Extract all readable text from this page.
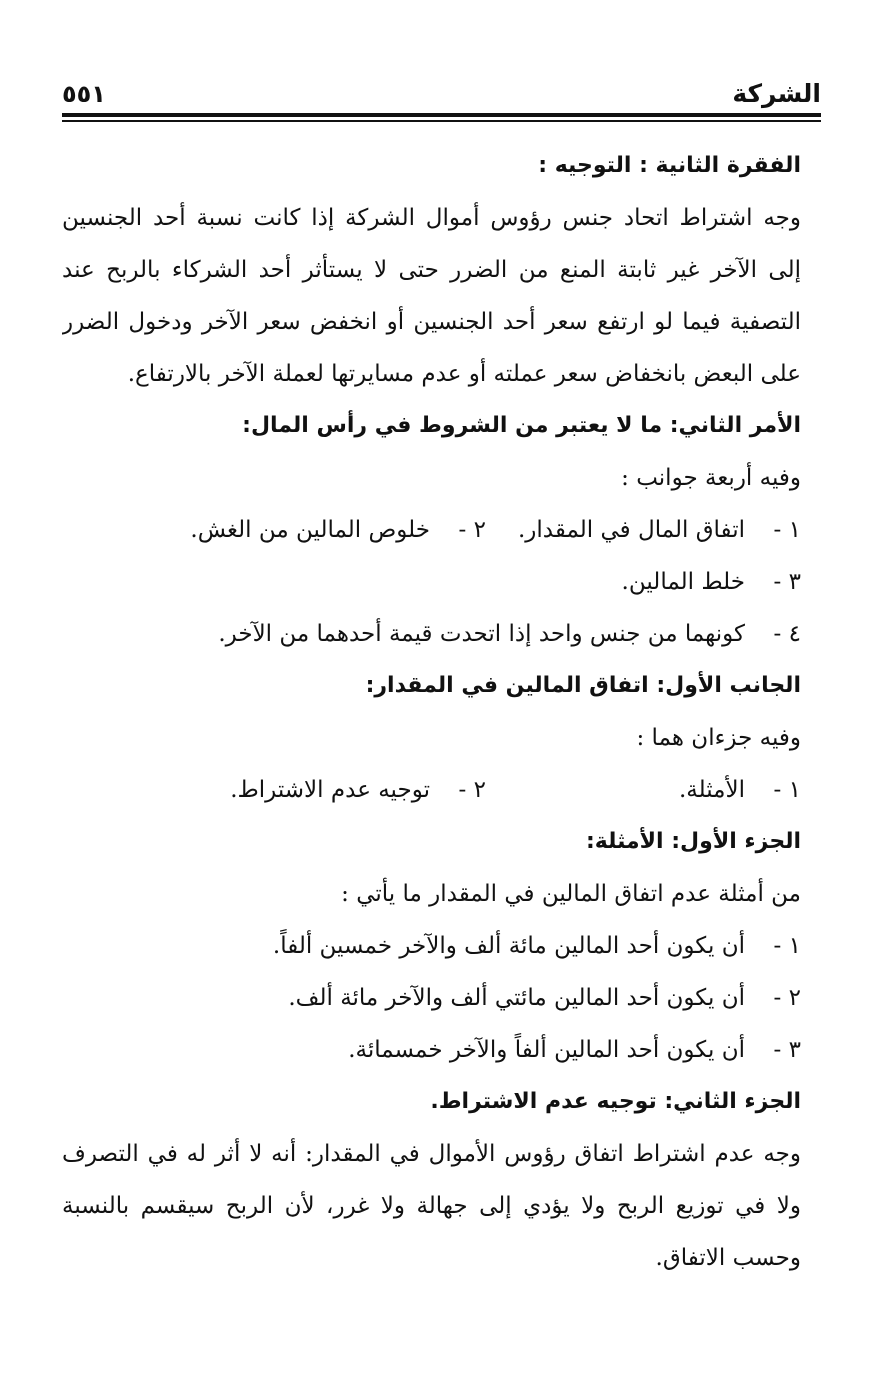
الشركة
٥٥١
الفقرة الثانية : التوجيه :
وجه اشتراط اتحاد جنس رؤوس أموال الشركة إذا كانت نسبة أحد الجنسين
إلى الآخر غير ثابتة المنع من الضرر حتى لا يستأثر أحد الشركاء بالربح عند
التصفية فيما لو ارتفع سعر أحد الجنسين أو انخفض سعر الآخر ودخول الضرر
على البعض بانخفاض سعر عملته أو عدم مسايرتها لعملة الآخر بالارتفاع.
الأمر الثاني: ما لا يعتبر من الشروط في رأس المال:
وفيه أربعة جوانب :
١ -اتفاق المال في المقدار.
٢ -خلوص المالين من الغش.
٣ -خلط المالين.
٤ -كونهما من جنس واحد إذا اتحدت قيمة أحدهما من الآخر.
الجانب الأول: اتفاق المالين في المقدار:
وفيه جزءان هما :
١ -الأمثلة.
٢ -توجيه عدم الاشتراط.
الجزء الأول: الأمثلة:
من أمثلة عدم اتفاق المالين في المقدار ما يأتي :
١ -أن يكون أحد المالين مائة ألف والآخر خمسين ألفاً.
٢ -أن يكون أحد المالين مائتي ألف والآخر مائة ألف.
٣ -أن يكون أحد المالين ألفاً والآخر خمسمائة.
الجزء الثاني: توجيه عدم الاشتراط.
وجه عدم اشتراط اتفاق رؤوس الأموال في المقدار: أنه لا أثر له في التصرف
ولا في توزيع الربح ولا يؤدي إلى جهالة ولا غرر، لأن الربح سيقسم بالنسبة
وحسب الاتفاق.
